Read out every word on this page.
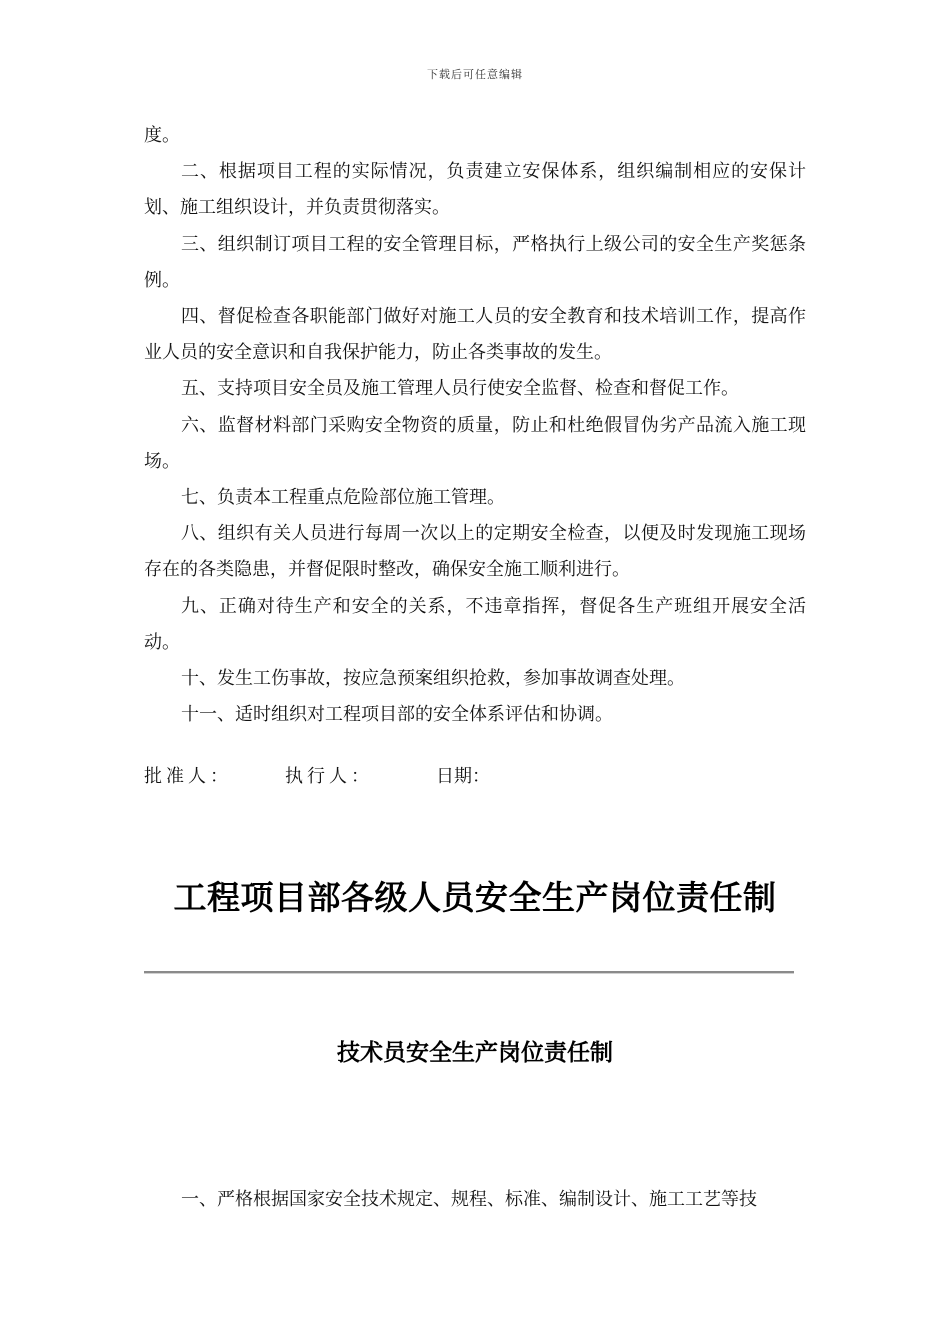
下载后可任意编辑

度。

二、根据项目工程的实际情况，负责建立安保体系，组织编制相应的安保计划、施工组织设计，并负责贯彻落实。

三、组织制订项目工程的安全管理目标，严格执行上级公司的安全生产奖惩条例。

四、督促检查各职能部门做好对施工人员的安全教育和技术培训工作，提高作业人员的安全意识和自我保护能力，防止各类事故的发生。

五、支持项目安全员及施工管理人员行使安全监督、检查和督促工作。

六、监督材料部门采购安全物资的质量，防止和杜绝假冒伪劣产品流入施工现场。

七、负责本工程重点危险部位施工管理。

八、组织有关人员进行每周一次以上的定期安全检查，以便及时发现施工现场存在的各类隐患，并督促限时整改，确保安全施工顺利进行。

九、正确对待生产和安全的关系，不违章指挥，督促各生产班组开展安全活动。

十、发生工伤事故，按应急预案组织抢救，参加事故调查处理。

十一、适时组织对工程项目部的安全体系评估和协调。

批准人：	执行人：	日期：
工程项目部各级人员安全生产岗位责任制
技术员安全生产岗位责任制

一、严格根据国家安全技术规定、规程、标准、编制设计、施工工艺等技
